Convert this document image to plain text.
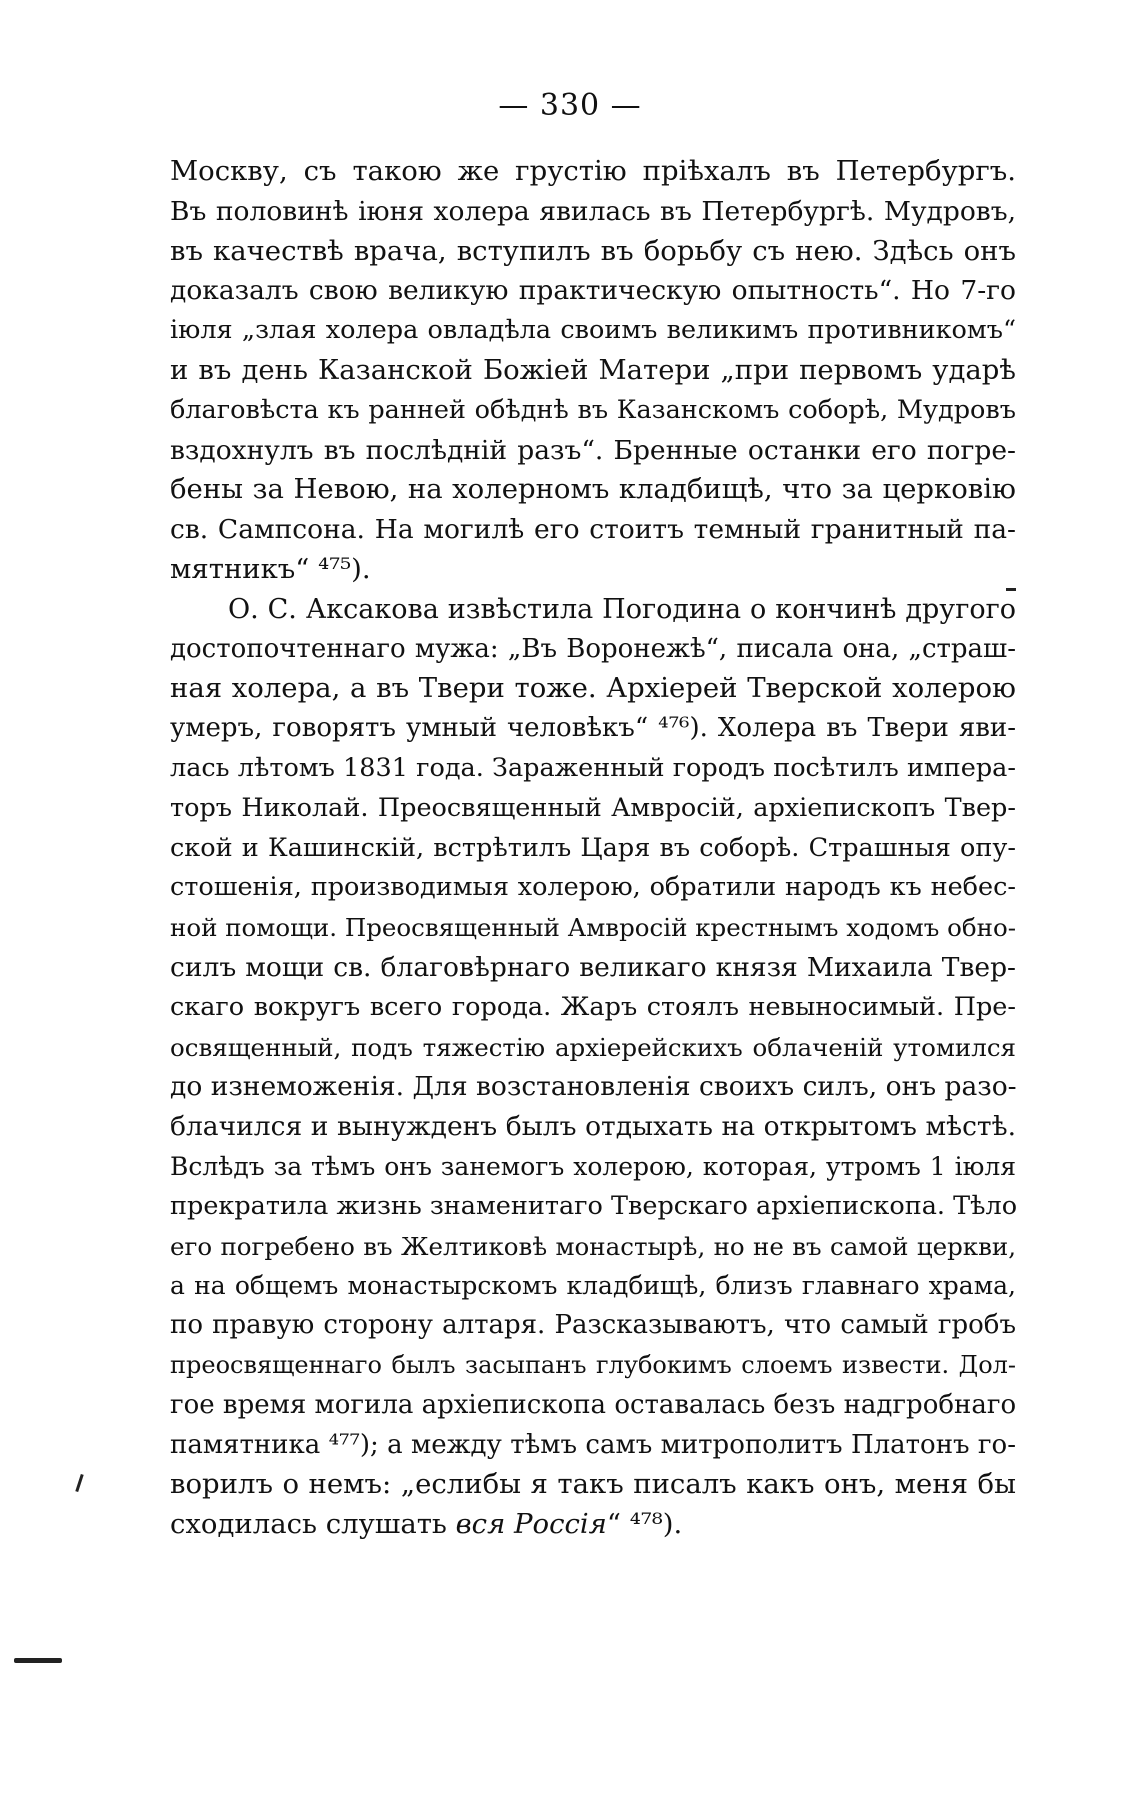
— 330 —
Москву, съ такою же грустію пріѣхалъ въ Петербургъ.
Въ половинѣ іюня холера явилась въ Петербургѣ. Мудровъ,
въ качествѣ врача, вступилъ въ борьбу съ нею. Здѣсь онъ
доказалъ свою великую практическую опытность“. Но 7-го
іюля „злая холера овладѣла своимъ великимъ противникомъ“
и въ день Казанской Божіей Матери „при первомъ ударѣ
благовѣста къ ранней обѣднѣ въ Казанскомъ соборѣ, Мудровъ
вздохнулъ въ послѣдній разъ“. Бренные останки его погре-
бены за Невою, на холерномъ кладбищѣ, что за церковію
св. Сампсона. На могилѣ его стоитъ темный гранитный па-
мятникъ“ ⁴⁷⁵).
О. С. Аксакова извѣстила Погодина о кончинѣ другого
достопочтеннаго мужа: „Въ Воронежѣ“, писала она, „страш-
ная холера, а въ Твери тоже. Архіерей Тверской холерою
умеръ, говорятъ умный человѣкъ“ ⁴⁷⁶). Холера въ Твери яви-
лась лѣтомъ 1831 года. Зараженный городъ посѣтилъ импера-
торъ Николай. Преосвященный Амвросій, архіепископъ Твер-
ской и Кашинскій, встрѣтилъ Царя въ соборѣ. Страшныя опу-
стошенія, производимыя холерою, обратили народъ къ небес-
ной помощи. Преосвященный Амвросій крестнымъ ходомъ обно-
силъ мощи св. благовѣрнаго великаго князя Михаила Твер-
скаго вокругъ всего города. Жаръ стоялъ невыносимый. Пре-
освященный, подъ тяжестію архіерейскихъ облаченій утомился
до изнеможенія. Для возстановленія своихъ силъ, онъ разо-
блачился и вынужденъ былъ отдыхать на открытомъ мѣстѣ.
Вслѣдъ за тѣмъ онъ занемогъ холерою, которая, утромъ 1 іюля
прекратила жизнь знаменитаго Тверскаго архіепископа. Тѣло
его погребено въ Желтиковѣ монастырѣ, но не въ самой церкви,
а на общемъ монастырскомъ кладбищѣ, близъ главнаго храма,
по правую сторону алтаря. Разсказываютъ, что самый гробъ
преосвященнаго былъ засыпанъ глубокимъ слоемъ извести. Дол-
гое время могила архіепископа оставалась безъ надгробнаго
памятника ⁴⁷⁷); а между тѣмъ самъ митрополитъ Платонъ го-
ворилъ о немъ: „еслибы я такъ писалъ какъ онъ, меня бы
сходилась слушать вся Россія“ ⁴⁷⁸).
